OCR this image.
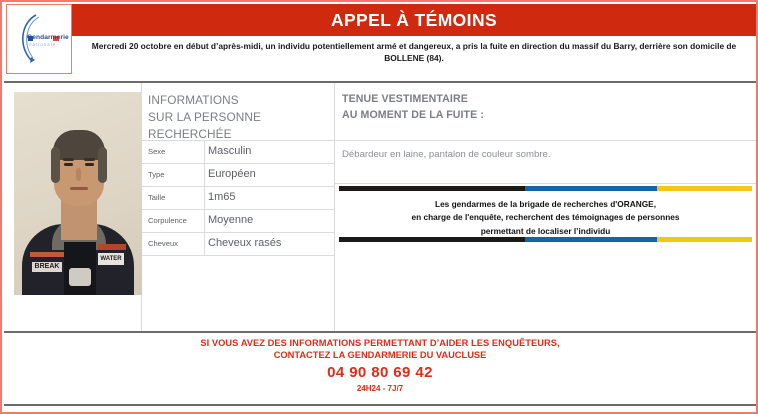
Gendarmerie
nationale
APPEL À TÉMOINS
Mercredi 20 octobre en début d’après-midi, un individu potentiellement armé et dangereux, a pris la fuite en direction du massif du Barry, derrière son domicile de BOLLENE (84).
WATER
BREAK
INFORMATIONS
SUR LA PERSONNE
RECHERCHÉE
Sexe	Masculin
Type	Européen
Taille	1m65
Corpulence Moyenne
Cheveux	Cheveux rasés
TENUE VESTIMENTAIRE
AU MOMENT DE LA FUITE :
Débardeur en laine, pantalon de couleur sombre.
Les gendarmes de la brigade de recherches d'ORANGE,
en charge de l'enquête, recherchent des témoignages de personnes
permettant de localiser l’individu
SI VOUS AVEZ DES INFORMATIONS PERMETTANT D’AIDER LES ENQUÊTEURS,
CONTACTEZ LA GENDARMERIE DU VAUCLUSE
04 90 80 69 42
24H24 - 7J/7
